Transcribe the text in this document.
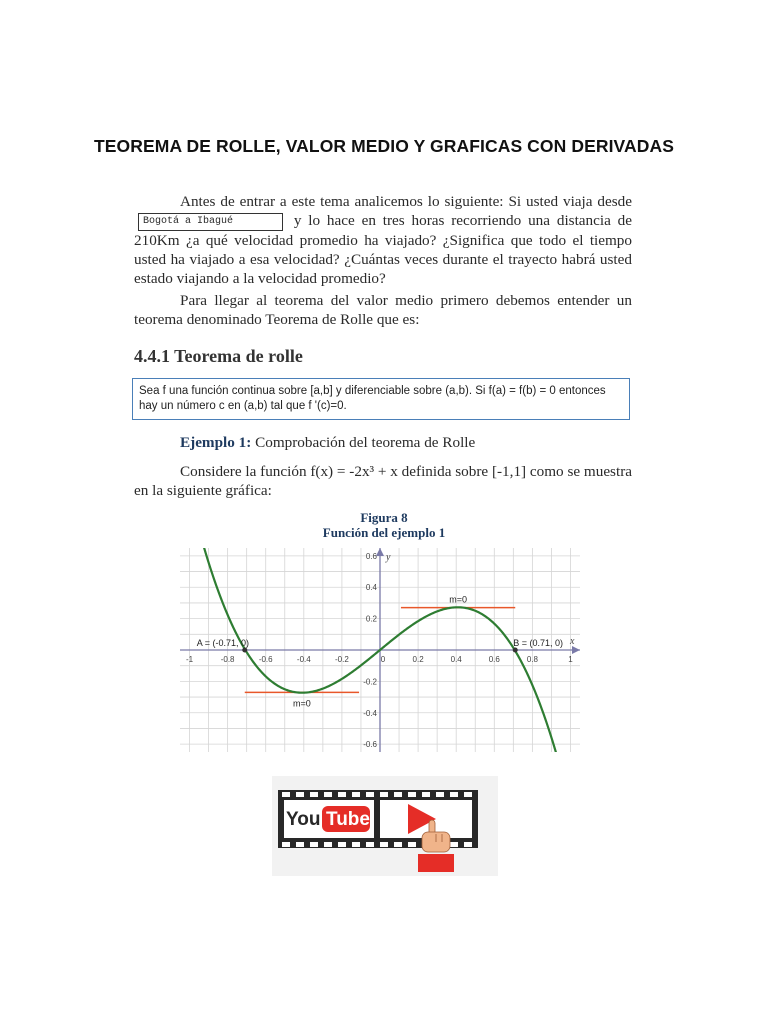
TEOREMA DE ROLLE, VALOR MEDIO Y GRAFICAS CON DERIVADAS
Antes de entrar a este tema analicemos lo siguiente: Si usted viaja desde Bogotá a Ibagué	y lo hace en tres horas recorriendo una distancia de 210Km ¿a qué velocidad promedio ha viajado? ¿Significa que todo el tiempo usted ha viajado a esa velocidad? ¿Cuántas veces durante el trayecto habrá usted estado viajando a la velocidad promedio?
Para llegar al teorema del valor medio primero debemos entender un teorema denominado Teorema de Rolle que es:
4.4.1 Teorema de rolle
Sea f una función continua sobre [a,b] y diferenciable sobre (a,b). Si f(a) = f(b) = 0 entonces hay un número c en (a,b) tal que f '(c)=0.
Ejemplo 1: Comprobación del teorema de Rolle
Considere la función f(x) = -2x³ + x definida sobre [-1,1] como se muestra en la siguiente gráfica:
Figura 8
Función del ejemplo 1
-1	-0.8	-0.6	-0.4	-0.2	0	0.2	0.4	0.6	0.8	1
0.6
0.4
0.2
-0.2
-0.4
-0.6
x
y
m=0
m=0
A = (-0.71, 0)	B = (0.71, 0)
You Tube
